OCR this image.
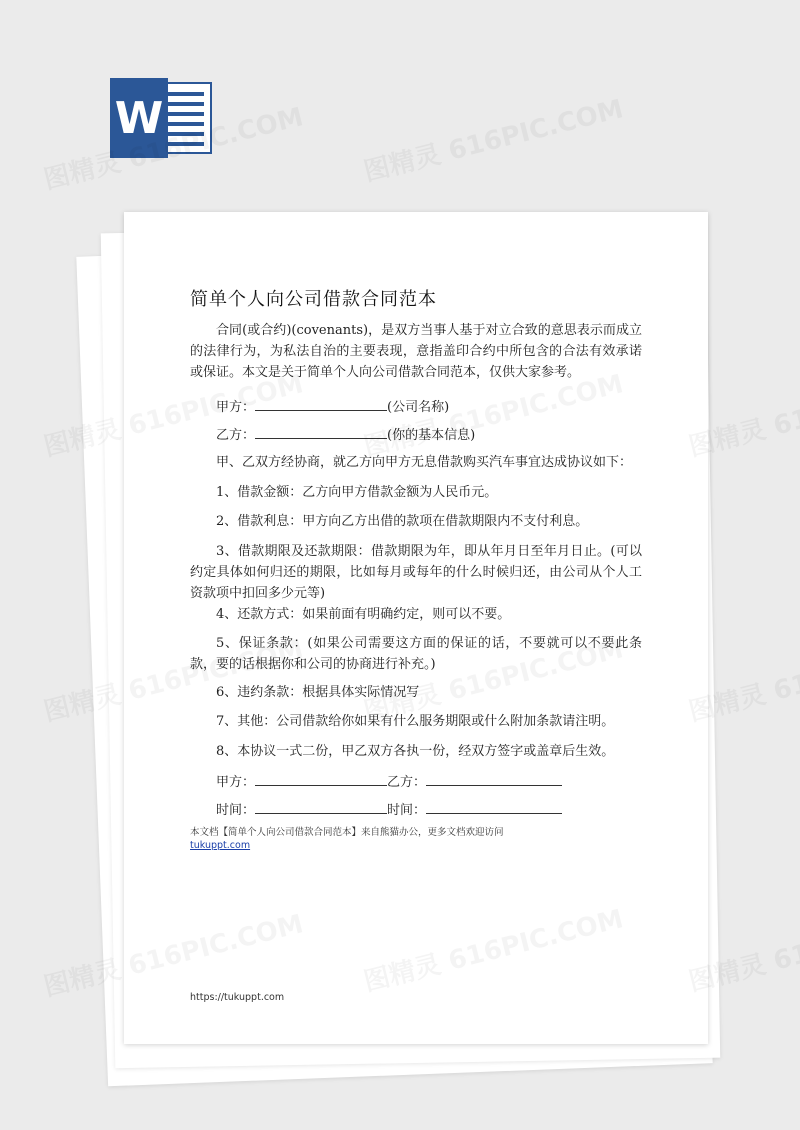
W
简单个人向公司借款合同范本

合同(或合约)(covenants)，是双方当事人基于对立合致的意思表示而成立的法律行为，为私法自治的主要表现，意指盖印合约中所包含的合法有效承诺或保证。本文是关于简单个人向公司借款合同范本，仅供大家参考。

甲方：	(公司名称)
乙方：	(你的基本信息)

甲、乙双方经协商，就乙方向甲方无息借款购买汽车事宜达成协议如下：

1、借款金额：乙方向甲方借款金额为人民币元。

2、借款利息：甲方向乙方出借的款项在借款期限内不支付利息。

3、借款期限及还款期限：借款期限为年，即从年月日至年月日止。(可以约定具体如何归还的期限，比如每月或每年的什么时候归还，由公司从个人工资款项中扣回多少元等)

4、还款方式：如果前面有明确约定，则可以不要。

5、保证条款：(如果公司需要这方面的保证的话，不要就可以不要此条款，要的话根据你和公司的协商进行补充。)

6、违约条款：根据具体实际情况写

7、其他：公司借款给你如果有什么服务期限或什么附加条款请注明。

8、本协议一式二份，甲乙双方各执一份，经双方签字或盖章后生效。

甲方：	乙方：
时间：	时间：
本文档【简单个人向公司借款合同范本】来自熊猫办公，更多文档欢迎访问
tukuppt.com
https://tukuppt.com
